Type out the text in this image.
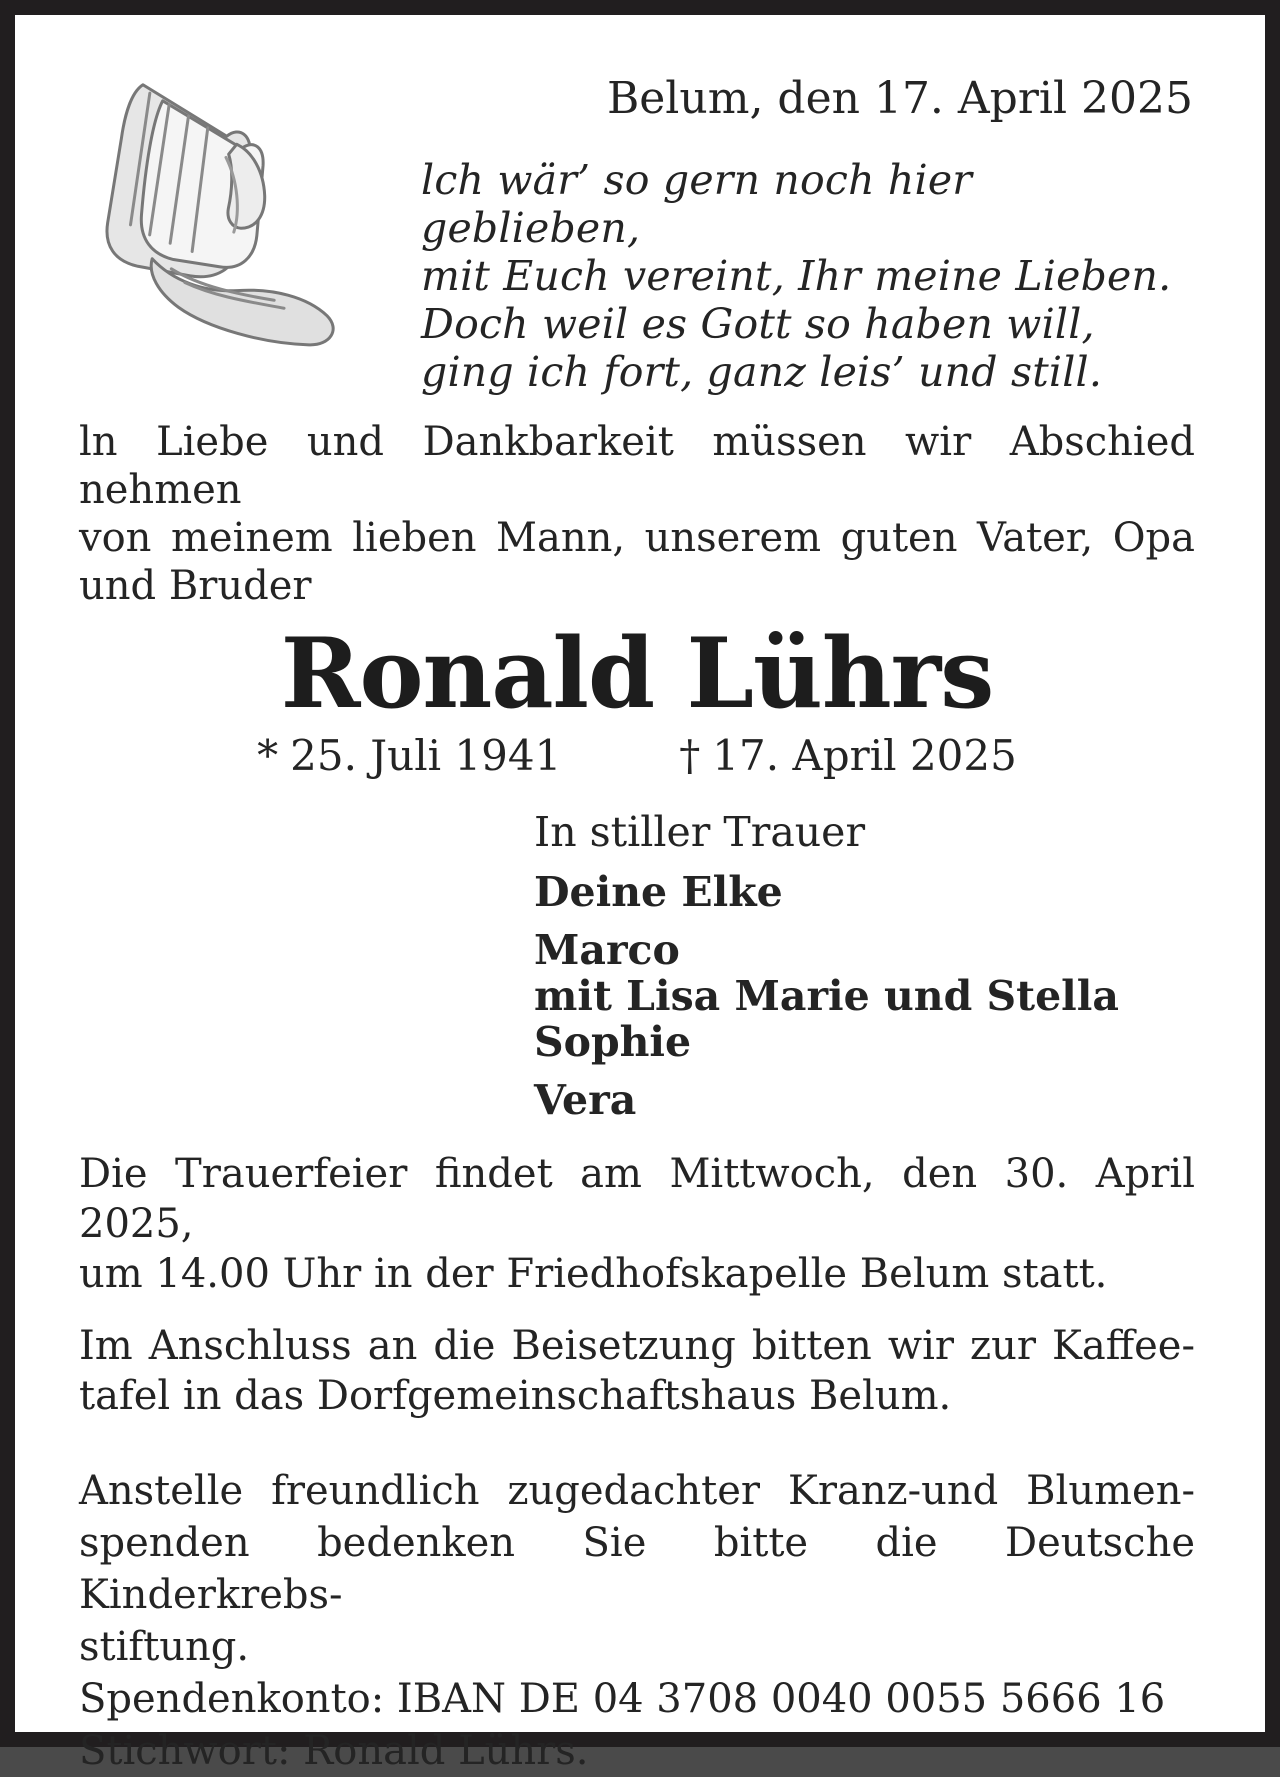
Belum, den 17. April 2025
lch wär’ so gern noch hier geblieben,
mit Euch vereint, Ihr meine Lieben.
Doch weil es Gott so haben will,
ging ich fort, ganz leis’ und still.
ln Liebe und Dankbarkeit müssen wir Abschied nehmen
von meinem lieben Mann, unserem guten Vater, Opa
und Bruder
Ronald Lührs
* 25. Juli 1941	† 17. April 2025
In stiller Trauer
Deine Elke
Marco
mit Lisa Marie und Stella Sophie
Vera
Die Trauerfeier findet am Mittwoch, den 30. April 2025,
um 14.00 Uhr in der Friedhofskapelle Belum statt.
Im Anschluss an die Beisetzung bitten wir zur Kaffee-
tafel in das Dorfgemeinschaftshaus Belum.
Anstelle freundlich zugedachter Kranz-und Blumen-
spenden bedenken Sie bitte die Deutsche Kinderkrebs-
stiftung.
Spendenkonto: IBAN DE 04 3708 0040 0055 5666 16
Stichwort: Ronald Lührs.
